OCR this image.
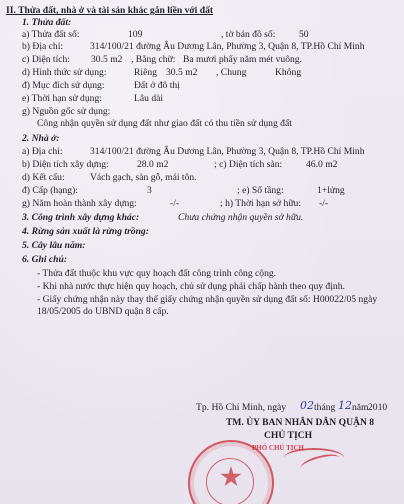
II. Thửa đất, nhà ở và tài sản khác gắn liền với đất
1. Thửa đất:
a) Thửa đất số:	109	, tờ bản đồ số: 50
b) Địa chỉ:	314/100/21 đường Âu Dương Lân, Phường 3, Quận 8, TP.Hồ Chí Minh
c) Diện tích: 30.5 m2 , Bằng chữ: Ba mươi phẩy năm mét vuông.
d) Hình thức sử dụng:	Riêng 30.5 m2 , Chung	Không
đ) Mục đích sử dụng:	Đất ở đô thị
e) Thời hạn sử dụng:	Lâu dài
g) Nguồn gốc sử dụng:
Công nhận quyền sử dụng đất như giao đất có thu tiền sử dụng đất
2. Nhà ở:
a) Địa chỉ:	314/100/21 đường Âu Dương Lân, Phường 3, Quận 8, TP.Hồ Chí Minh
b) Diện tích xây dựng:	28.0 m2	; c) Diện tích sàn: 46.0 m2
d) Kết cấu:	Vách gạch, sàn gỗ, mái tôn.
đ) Cấp (hạng):	3	; e) Số tầng:	1+lửng
g) Năm hoàn thành xây dựng:	-/-	; h) Thời hạn sở hữu: -/-
3. Công trình xây dựng khác:	Chưa chứng nhận quyền sở hữu.
4. Rừng sản xuất là rừng trồng:
5. Cây lâu năm:
6. Ghi chú:
- Thửa đất thuộc khu vực quy hoạch đất công trình công cộng.
- Khi nhà nước thực hiện quy hoạch, chủ sử dụng phải chấp hành theo quy định.
- Giấy chứng nhận này thay thế giấy chứng nhận quyền sử dụng đất số: H00022/05 ngày
18/05/2005 do UBND quận 8 cấp.
Tp. Hồ Chí Minh, ngày 02 tháng 12 năm 2010
TM. ỦY BAN NHÂN DÂN QUẬN 8
CHỦ TỊCH
PHÓ CHỦ TỊCH
